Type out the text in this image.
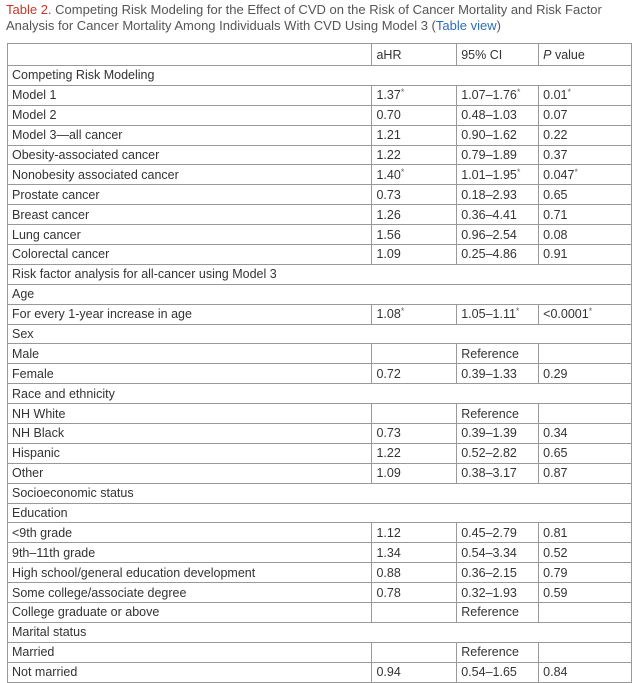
Table 2. Competing Risk Modeling for the Effect of CVD on the Risk of Cancer Mortality and Risk Factor Analysis for Cancer Mortality Among Individuals With CVD Using Model 3 (Table view)
	aHR	95% CI	P value
Competing Risk Modeling			
Model 1	1.37*	1.07–1.76*	0.01*
Model 2	0.70	0.48–1.03	0.07
Model 3—all cancer	1.21	0.90–1.62	0.22
Obesity-associated cancer	1.22	0.79–1.89	0.37
Nonobesity associated cancer	1.40*	1.01–1.95*	0.047*
Prostate cancer	0.73	0.18–2.93	0.65
Breast cancer	1.26	0.36–4.41	0.71
Lung cancer	1.56	0.96–2.54	0.08
Colorectal cancer	1.09	0.25–4.86	0.91
Risk factor analysis for all-cancer using Model 3			
Age			
For every 1-year increase in age	1.08*	1.05–1.11*	<0.0001*
Sex			
Male		Reference	
Female	0.72	0.39–1.33	0.29
Race and ethnicity			
NH White		Reference	
NH Black	0.73	0.39–1.39	0.34
Hispanic	1.22	0.52–2.82	0.65
Other	1.09	0.38–3.17	0.87
Socioeconomic status			
Education			
<9th grade	1.12	0.45–2.79	0.81
9th–11th grade	1.34	0.54–3.34	0.52
High school/general education development	0.88	0.36–2.15	0.79
Some college/associate degree	0.78	0.32–1.93	0.59
College graduate or above		Reference	
Marital status			
Married		Reference	
Not married	0.94	0.54–1.65	0.84
